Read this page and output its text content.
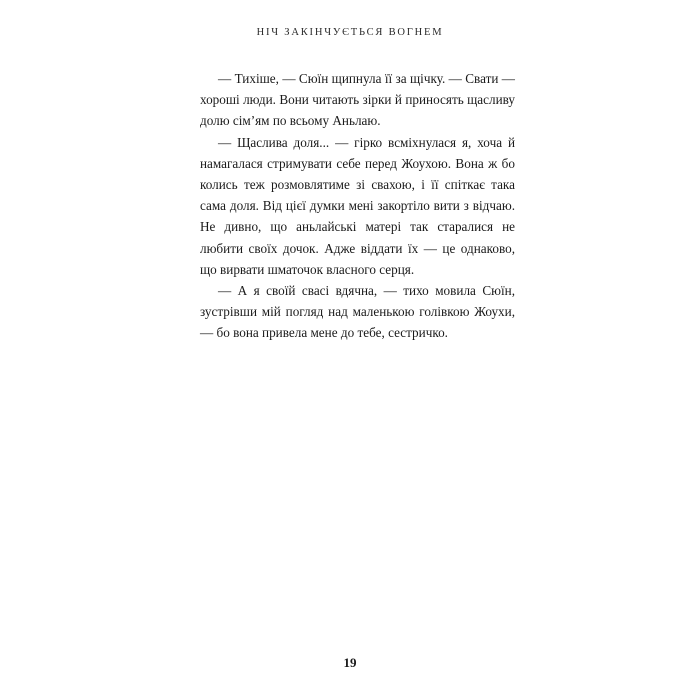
НІЧ ЗАКІНЧУЄТЬСЯ ВОГНЕМ

— Тихіше, — Сюїн щипнула її за щічку. — Свати — хороші люди. Вони читають зірки й приносять щасливу долю сім’ям по всьому Аньлаю.

— Щаслива доля... — гірко всміхнулася я, хоча й намагалася стримувати себе перед Жоухою. Вона ж бо колись теж розмовлятиме зі свахою, і її спіткає така сама доля. Від цієї думки мені закортіло вити з відчаю. Не дивно, що аньлайські матері так старалися не любити своїх дочок. Адже віддати їх — це однаково, що вирвати шматочок власного серця.

— А я своїй свасі вдячна, — тихо мовила Сюїн, зустрівши мій погляд над маленькою голівкою Жоухи, — бо вона привела мене до тебе, сестричко.

19
